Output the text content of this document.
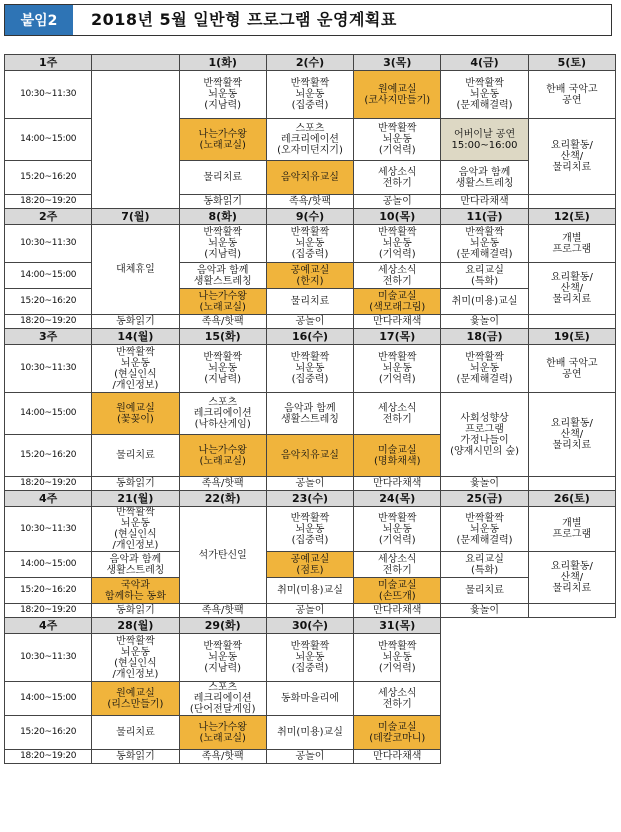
붙임2	2018년 5월 일반형 프로그램 운영계획표
1주		1(화)	2(수)	3(목)	4(금)	5(토)
10:30~11:30		반짝활짝
뇌운동
(지남력)	반짝활짝
뇌운동
(집중력)	원예교실
(코사지만들기)	반짝활짝
뇌운동
(문제해결력)	한배 국악고
공연

14:00~15:00		나는가수왕
(노래교실)	스포츠
레크리에이션
(오자미던지기)	반짝활짝
뇌운동
(기억력)	어버이날 공연
15:00~16:00	요리활동/
산책/
물리치료

15:20~16:20		물리치료	음악치유교실	세상소식
전하기	음악과 함께
생활스트레칭	

18:20~19:20		동화읽기	족욕/핫팩	공놀이	만다라채색	
2주	7(월)	8(화)	9(수)	10(목)	11(금)	12(토)
10:30~11:30	대체휴일	반짝활짝
뇌운동
(지남력)	반짝활짝
뇌운동
(집중력)	반짝활짝
뇌운동
(기억력)	반짝활짝
뇌운동
(문제해결력)	개별
프로그램

14:00~15:00		음악과 함께
생활스트레칭	공예교실
(한지)	세상소식
전하기	요리교실
(특화)	요리활동/
산책/
물리치료

15:20~16:20		나는가수왕
(노래교실)	물리치료	미술교실
(색모래그림)	취미(미용)교실	
18:20~19:20	동화읽기	족욕/핫팩	공놀이	만다라채색	윷놀이	
3주	14(월)	15(화)	16(수)	17(목)	18(금)	19(토)
10:30~11:30	반짝활짝
뇌운동
(현실인식
/개인정보)	반짝활짝
뇌운동
(지남력)	반짝활짝
뇌운동
(집중력)	반짝활짝
뇌운동
(기억력)	반짝활짝
뇌운동
(문제해결력)	한배 국악고
공연

14:00~15:00	원예교실
(꽃꽂이)	스포츠
레크리에이션
(낙하산게임)	음악과 함께
생활스트레칭	세상소식
전하기	사회성향상
프로그램
가정나들이
(양재시민의 숲)	요리활동/
산책/
물리치료

15:20~16:20	물리치료	나는가수왕
(노래교실)	음악치유교실	미술교실
(명화채색)		

18:20~19:20	동화읽기	족욕/핫팩	공놀이	만다라채색	윷놀이	
4주	21(월)	22(화)	23(수)	24(목)	25(금)	26(토)
10:30~11:30	반짝활짝
뇌운동
(현실인식
/개인정보)	석가탄신일	반짝활짝
뇌운동
(집중력)	반짝활짝
뇌운동
(기억력)	반짝활짝
뇌운동
(문제해결력)	개별
프로그램

14:00~15:00	음악과 함께
생활스트레칭		공예교실
(점토)	세상소식
전하기	요리교실
(특화)	요리활동/
산책/
물리치료

15:20~16:20	국악과
함께하는 동화		취미(미용)교실	미술교실
(손뜨개)	물리치료	
18:20~19:20	동화읽기	족욕/핫팩	공놀이	만다라채색	윷놀이	
4주	28(월)	29(화)	30(수)	31(목)		
10:30~11:30	반짝활짝
뇌운동
(현실인식
/개인정보)	반짝활짝
뇌운동
(지남력)	반짝활짝
뇌운동
(집중력)	반짝활짝
뇌운동
(기억력)		

14:00~15:00	원예교실
(리스만들기)	스포츠
레크리에이션
(단어전달게임)	동화마을리에	세상소식
전하기		

15:20~16:20	물리치료	나는가수왕
(노래교실)	취미(미용)교실	미술교실
(데칼코마니)		

18:20~19:20	동화읽기	족욕/핫팩	공놀이	만다라채색		
